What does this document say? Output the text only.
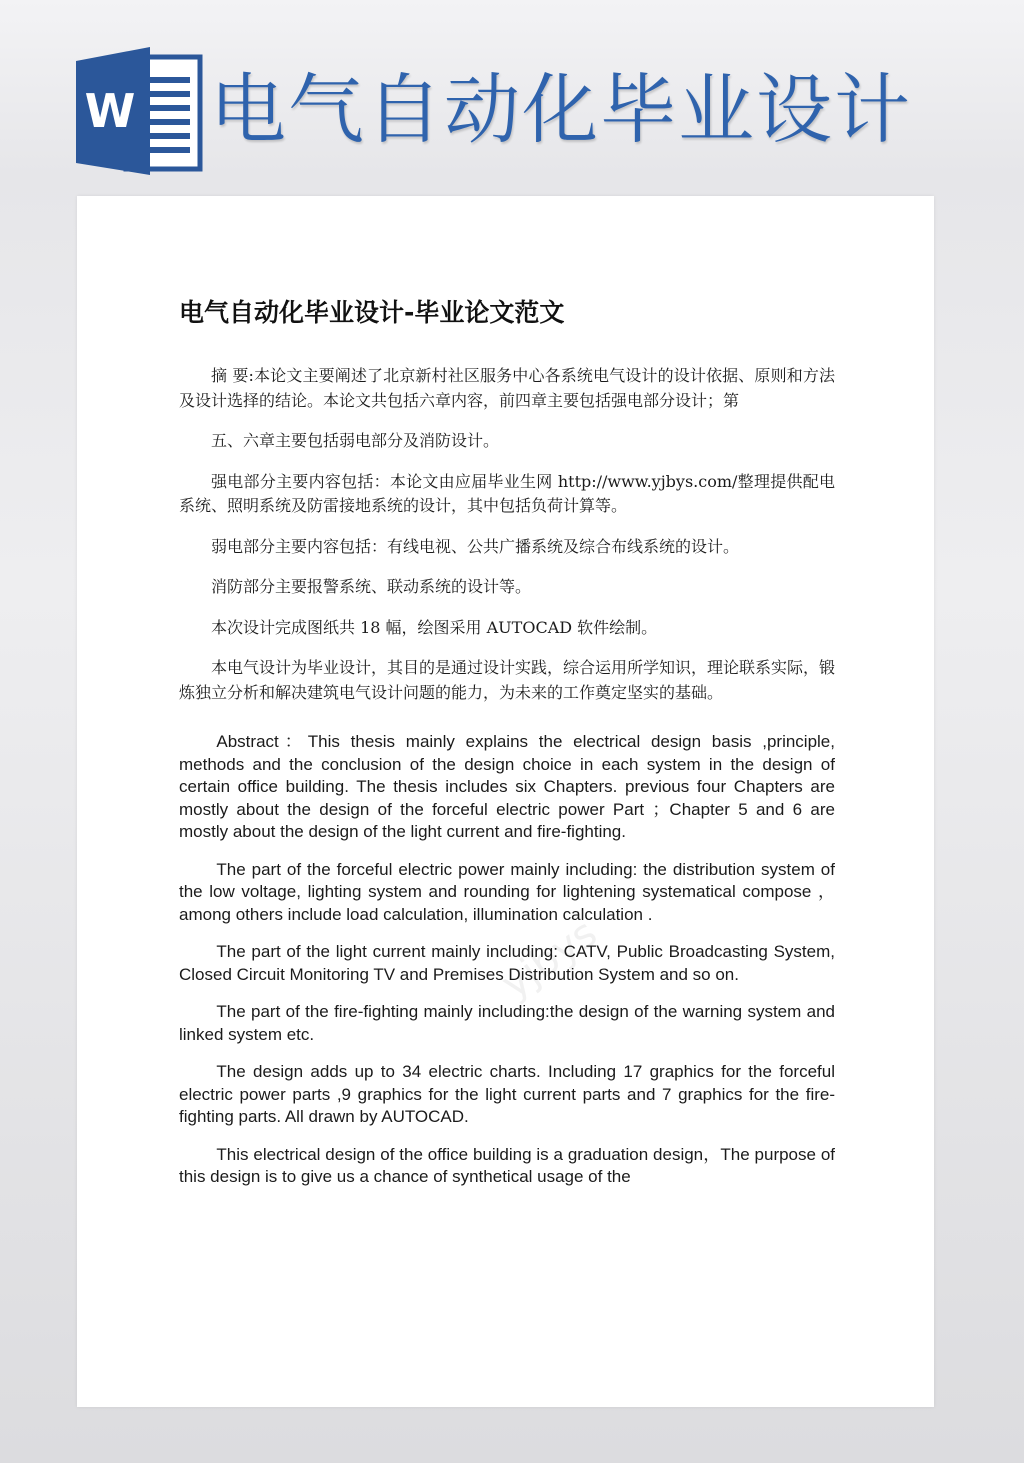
W 电气自动化毕业设计
yjbys
电气自动化毕业设计-毕业论文范文

摘 要:本论文主要阐述了北京新村社区服务中心各系统电气设计的设计依据、原则和方法及设计选择的结论。本论文共包括六章内容，前四章主要包括强电部分设计；第

五、六章主要包括弱电部分及消防设计。

强电部分主要内容包括：本论文由应届毕业生网 http://www.yjbys.com/整理提供配电系统、照明系统及防雷接地系统的设计，其中包括负荷计算等。

弱电部分主要内容包括：有线电视、公共广播系统及综合布线系统的设计。

消防部分主要报警系统、联动系统的设计等。

本次设计完成图纸共 18 幅，绘图采用 AUTOCAD 软件绘制。

本电气设计为毕业设计，其目的是通过设计实践，综合运用所学知识，理论联系实际，锻炼独立分析和解决建筑电气设计问题的能力，为未来的工作奠定坚实的基础。

Abstract：This thesis mainly explains the electrical design basis ,principle, methods and the conclusion of the design choice in each system in the design of certain office building. The thesis includes six Chapters. previous four Chapters are mostly about the design of the forceful electric power Part ；Chapter 5 and 6 are mostly about the design of the light current and fire-fighting.

The part of the forceful electric power mainly including: the distribution system of the low voltage, lighting system and rounding for lightening systematical compose ， among others include load calculation, illumination calculation .

The part of the light current mainly including: CATV, Public Broadcasting System, Closed Circuit Monitoring TV and Premises Distribution System and so on.

The part of the fire-fighting mainly including:the design of the warning system and linked system etc.

The design adds up to 34 electric charts. Including 17 graphics for the forceful electric power parts ,9 graphics for the light current parts and 7 graphics for the fire-fighting parts. All drawn by AUTOCAD.

This electrical design of the office building is a graduation design，The purpose of this design is to give us a chance of synthetical usage of the
